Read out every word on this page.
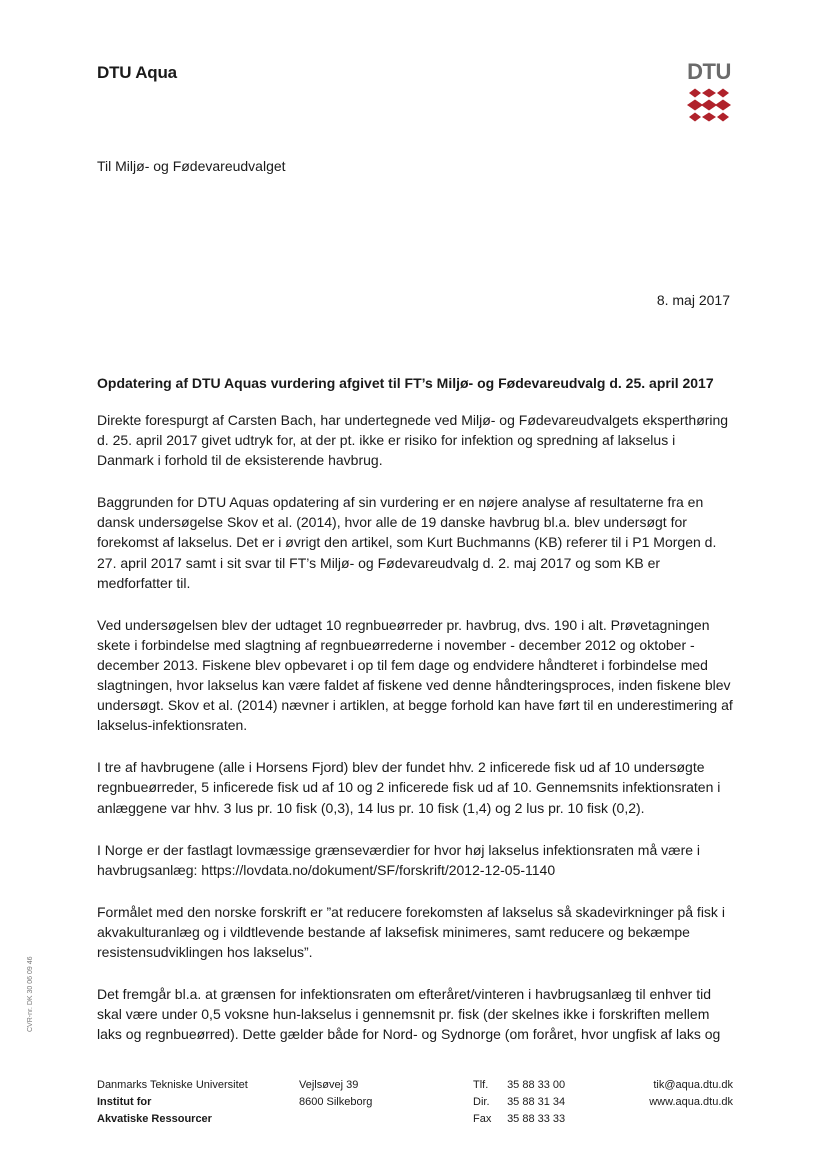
DTU Aqua	DTU
Til Miljø- og Fødevareudvalget
8. maj 2017
Opdatering af DTU Aquas vurdering afgivet til FT’s Miljø- og Fødevareudvalg d. 25. april 2017

Direkte forespurgt af Carsten Bach, har undertegnede ved Miljø- og Fødevareudvalgets eksperthøring d. 25. april 2017 givet udtryk for, at der pt. ikke er risiko for infektion og spredning af lakselus i Danmark i forhold til de eksisterende havbrug.

Baggrunden for DTU Aquas opdatering af sin vurdering er en nøjere analyse af resultaterne fra en dansk undersøgelse Skov et al. (2014), hvor alle de 19 danske havbrug bl.a. blev undersøgt for forekomst af lakselus. Det er i øvrigt den artikel, som Kurt Buchmanns (KB) referer til i P1 Morgen d. 27. april 2017 samt i sit svar til FT’s Miljø- og Fødevareudvalg d. 2. maj 2017 og som KB er medforfatter til.

Ved undersøgelsen blev der udtaget 10 regnbueørreder pr. havbrug, dvs. 190 i alt. Prøvetagningen skete i forbindelse med slagtning af regnbueørrederne i november - december 2012 og oktober - december 2013. Fiskene blev opbevaret i op til fem dage og endvidere håndteret i forbindelse med slagtningen, hvor lakselus kan være faldet af fiskene ved denne håndteringsproces, inden fiskene blev undersøgt. Skov et al. (2014) nævner i artiklen, at begge forhold kan have ført til en underestimering af lakselus-infektionsraten.

I tre af havbrugene (alle i Horsens Fjord) blev der fundet hhv. 2 inficerede fisk ud af 10 undersøgte regnbueørreder, 5 inficerede fisk ud af 10 og 2 inficerede fisk ud af 10. Gennemsnits infektionsraten i anlæggene var hhv. 3 lus pr. 10 fisk (0,3), 14 lus pr. 10 fisk (1,4) og 2 lus pr. 10 fisk (0,2).

I Norge er der fastlagt lovmæssige grænseværdier for hvor høj lakselus infektionsraten må være i havbrugsanlæg: https://lovdata.no/dokument/SF/forskrift/2012-12-05-1140

Formålet med den norske forskrift er ”at reducere forekomsten af lakselus så skadevirkninger på fisk i akvakulturanlæg og i vildtlevende bestande af laksefisk minimeres, samt reducere og bekæmpe resistensudviklingen hos lakselus”.

Det fremgår bl.a. at grænsen for infektionsraten om efteråret/vinteren i havbrugsanlæg til enhver tid skal være under 0,5 voksne hun-lakselus i gennemsnit pr. fisk (der skelnes ikke i forskriften mellem laks og regnbueørred). Dette gælder både for Nord- og Sydnorge (om foråret, hvor ungfisk af laks og

CVR-nr. DK 30 06 09 46
Danmarks Tekniske Universitet
Institut for
Akvatiske Ressourcer
Vejlsøvej 39
8600 Silkeborg
Tlf. 35 88 33 00
Dir. 35 88 31 34
Fax 35 88 33 33
tik@aqua.dtu.dk
www.aqua.dtu.dk
